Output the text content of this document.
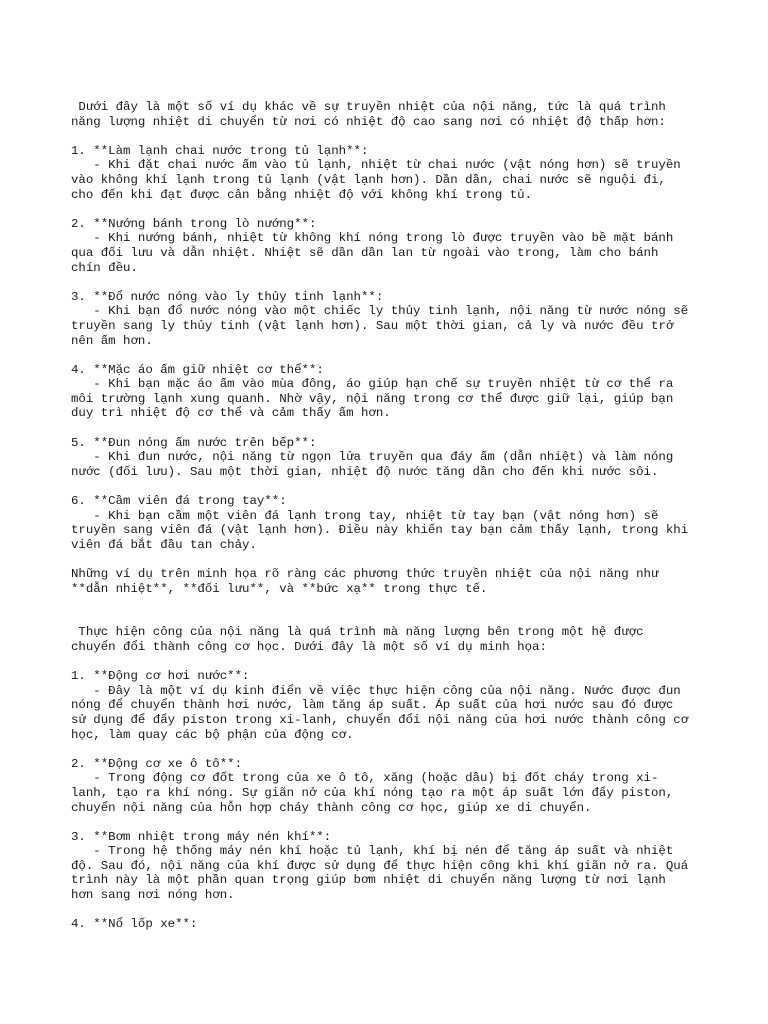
Dưới đây là một số ví dụ khác về sự truyền nhiệt của nội năng, tức là quá trình
năng lượng nhiệt di chuyển từ nơi có nhiệt độ cao sang nơi có nhiệt độ thấp hơn:
1. **Làm lạnh chai nước trong tủ lạnh**:
- Khi đặt chai nước ấm vào tủ lạnh, nhiệt từ chai nước (vật nóng hơn) sẽ truyền
vào không khí lạnh trong tủ lạnh (vật lạnh hơn). Dần dần, chai nước sẽ nguội đi,
cho đến khi đạt được cân bằng nhiệt độ với không khí trong tủ.
2. **Nướng bánh trong lò nướng**:
- Khi nướng bánh, nhiệt từ không khí nóng trong lò được truyền vào bề mặt bánh
qua đối lưu và dẫn nhiệt. Nhiệt sẽ dần dần lan từ ngoài vào trong, làm cho bánh
chín đều.
3. **Đổ nước nóng vào ly thủy tinh lạnh**:
- Khi bạn đổ nước nóng vào một chiếc ly thủy tinh lạnh, nội năng từ nước nóng sẽ
truyền sang ly thủy tinh (vật lạnh hơn). Sau một thời gian, cả ly và nước đều trở
nên ấm hơn.
4. **Mặc áo ấm giữ nhiệt cơ thể**:
- Khi bạn mặc áo ấm vào mùa đông, áo giúp hạn chế sự truyền nhiệt từ cơ thể ra
môi trường lạnh xung quanh. Nhờ vậy, nội năng trong cơ thể được giữ lại, giúp bạn
duy trì nhiệt độ cơ thể và cảm thấy ấm hơn.
5. **Đun nóng ấm nước trên bếp**:
- Khi đun nước, nội năng từ ngọn lửa truyền qua đáy ấm (dẫn nhiệt) và làm nóng
nước (đối lưu). Sau một thời gian, nhiệt độ nước tăng dần cho đến khi nước sôi.
6. **Cầm viên đá trong tay**:
- Khi bạn cầm một viên đá lạnh trong tay, nhiệt từ tay bạn (vật nóng hơn) sẽ
truyền sang viên đá (vật lạnh hơn). Điều này khiến tay bạn cảm thấy lạnh, trong khi
viên đá bắt đầu tan chảy.
Những ví dụ trên minh họa rõ ràng các phương thức truyền nhiệt của nội năng như
**dẫn nhiệt**, **đối lưu**, và **bức xạ** trong thực tế.
Thực hiện công của nội năng là quá trình mà năng lượng bên trong một hệ được
chuyển đổi thành công cơ học. Dưới đây là một số ví dụ minh họa:
1. **Động cơ hơi nước**:
- Đây là một ví dụ kinh điển về việc thực hiện công của nội năng. Nước được đun
nóng để chuyển thành hơi nước, làm tăng áp suất. Áp suất của hơi nước sau đó được
sử dụng để đẩy piston trong xi-lanh, chuyển đổi nội năng của hơi nước thành công cơ
học, làm quay các bộ phận của động cơ.
2. **Động cơ xe ô tô**:
- Trong động cơ đốt trong của xe ô tô, xăng (hoặc dầu) bị đốt cháy trong xi-
lanh, tạo ra khí nóng. Sự giãn nở của khí nóng tạo ra một áp suất lớn đẩy piston,
chuyển nội năng của hỗn hợp cháy thành công cơ học, giúp xe di chuyển.
3. **Bơm nhiệt trong máy nén khí**:
- Trong hệ thống máy nén khí hoặc tủ lạnh, khí bị nén để tăng áp suất và nhiệt
độ. Sau đó, nội năng của khí được sử dụng để thực hiện công khi khí giãn nở ra. Quá
trình này là một phần quan trọng giúp bơm nhiệt di chuyển năng lượng từ nơi lạnh
hơn sang nơi nóng hơn.
4. **Nổ lốp xe**:
